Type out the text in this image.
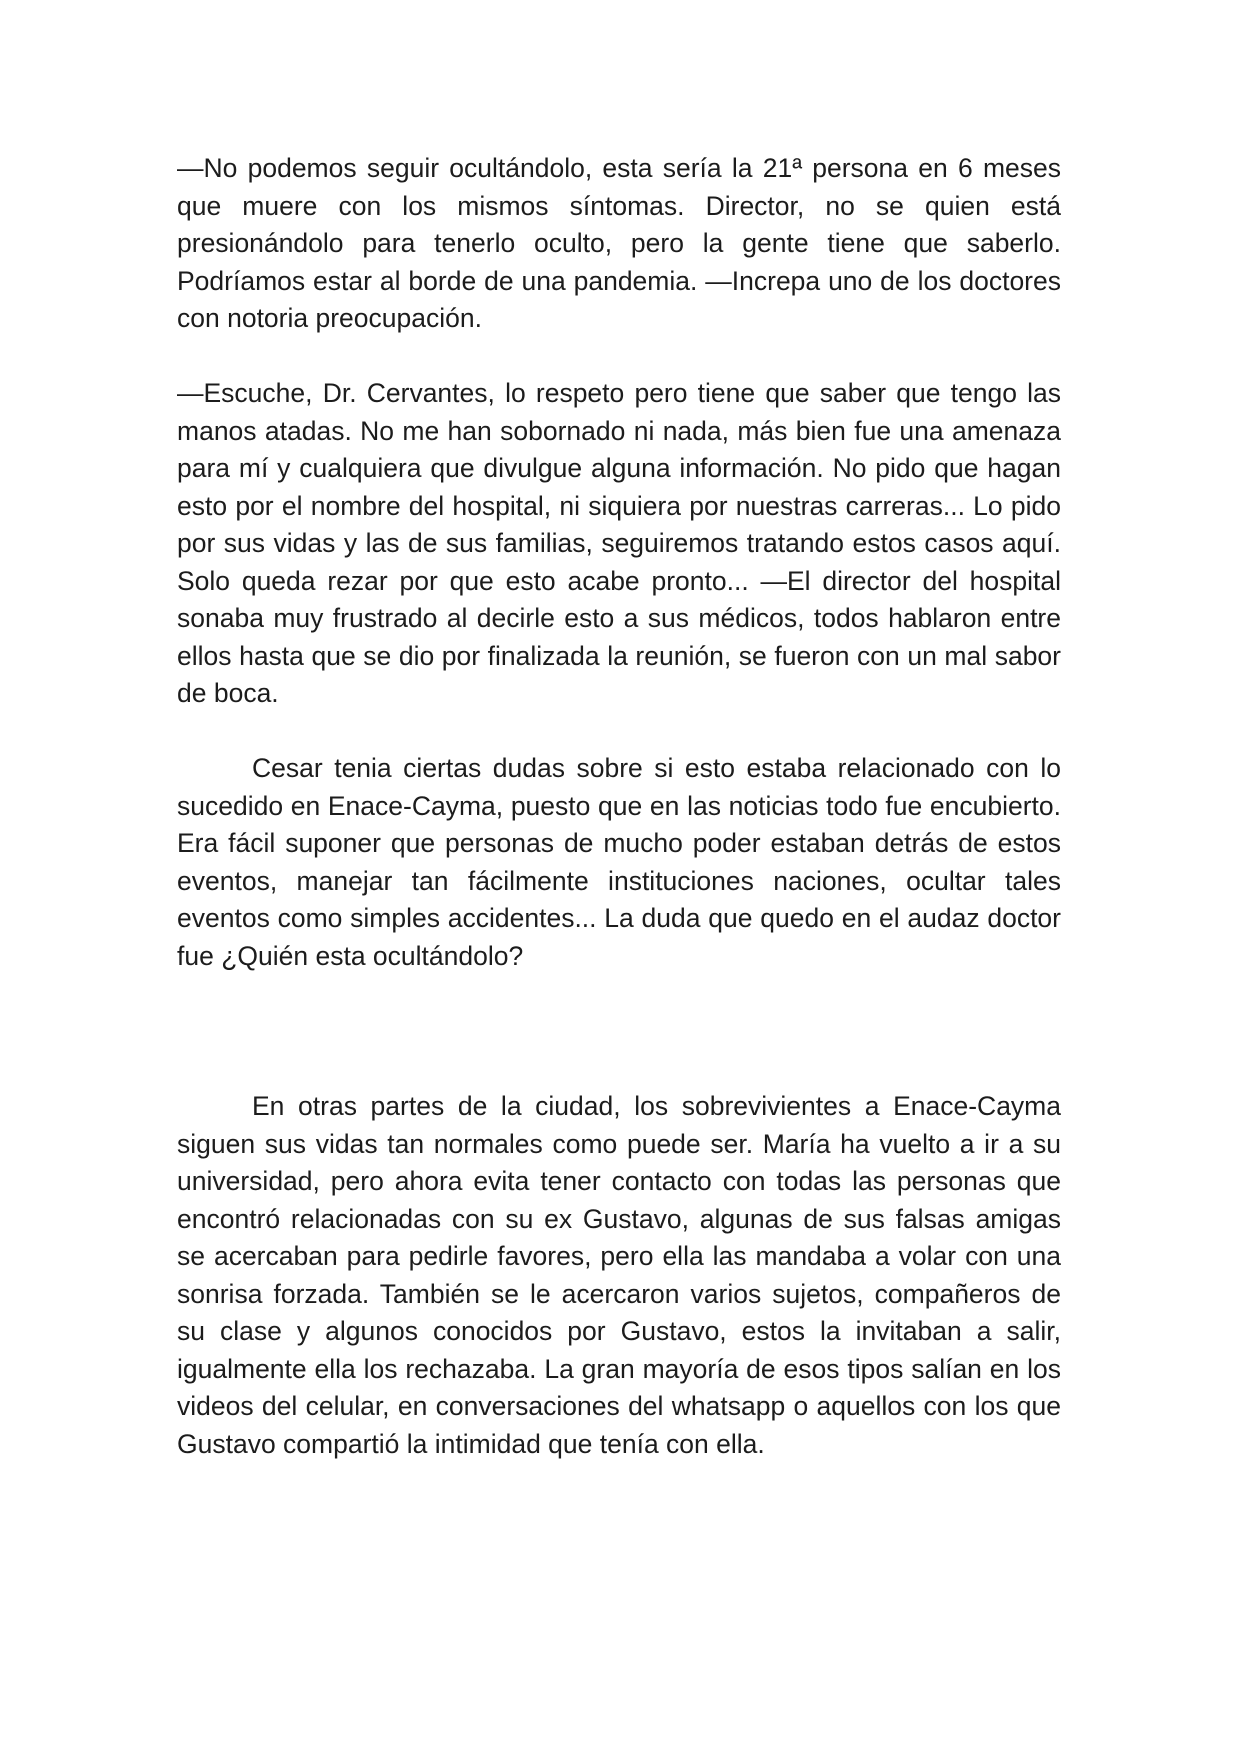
—No podemos seguir ocultándolo, esta sería la 21ª persona en 6 meses que muere con los mismos síntomas. Director, no se quien está presionándolo para tenerlo oculto, pero la gente tiene que saberlo. Podríamos estar al borde de una pandemia. —Increpa uno de los doctores con notoria preocupación.

—Escuche, Dr. Cervantes, lo respeto pero tiene que saber que tengo las manos atadas. No me han sobornado ni nada, más bien fue una amenaza para mí y cualquiera que divulgue alguna información. No pido que hagan esto por el nombre del hospital, ni siquiera por nuestras carreras... Lo pido por sus vidas y las de sus familias, seguiremos tratando estos casos aquí. Solo queda rezar por que esto acabe pronto... —El director del hospital sonaba muy frustrado al decirle esto a sus médicos, todos hablaron entre ellos hasta que se dio por finalizada la reunión, se fueron con un mal sabor de boca.

Cesar tenia ciertas dudas sobre si esto estaba relacionado con lo sucedido en Enace-Cayma, puesto que en las noticias todo fue encubierto. Era fácil suponer que personas de mucho poder estaban detrás de estos eventos, manejar tan fácilmente instituciones naciones, ocultar tales eventos como simples accidentes... La duda que quedo en el audaz doctor fue ¿Quién esta ocultándolo?

En otras partes de la ciudad, los sobrevivientes a Enace-Cayma siguen sus vidas tan normales como puede ser. María ha vuelto a ir a su universidad, pero ahora evita tener contacto con todas las personas que encontró relacionadas con su ex Gustavo, algunas de sus falsas amigas se acercaban para pedirle favores, pero ella las mandaba a volar con una sonrisa forzada. También se le acercaron varios sujetos, compañeros de su clase y algunos conocidos por Gustavo, estos la invitaban a salir, igualmente ella los rechazaba. La gran mayoría de esos tipos salían en los videos del celular, en conversaciones del whatsapp o aquellos con los que Gustavo compartió la intimidad que tenía con ella.
